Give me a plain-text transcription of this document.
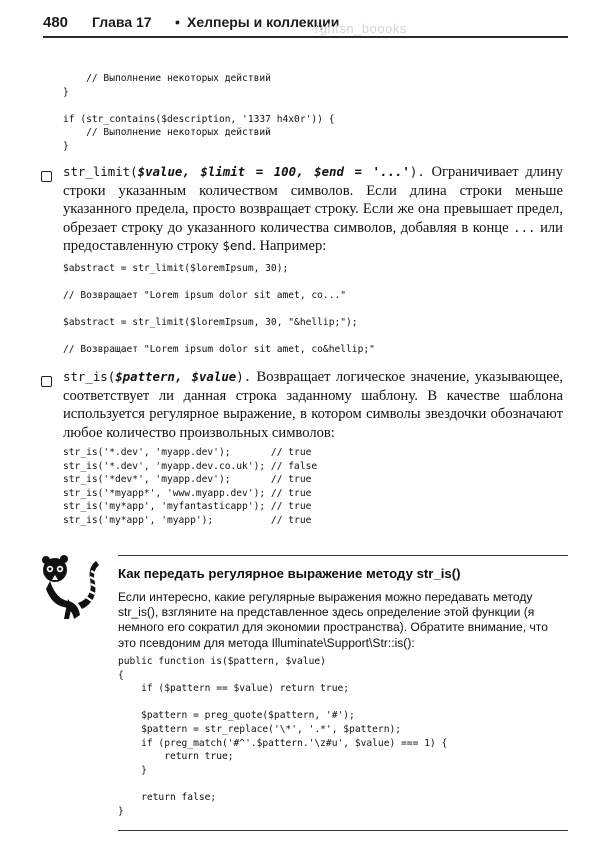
480 Глава 17 • Хелперы и коллекции
rghtsn_boooks
// Выполнение некоторых действий
}

if (str_contains($description, '1337 h4x0r')) {
// Выполнение некоторых действий
}

str_limit($value, $limit = 100, $end = '...'). Ограничивает длину строки указанным количеством символов. Если длина строки меньше указанного предела, просто возвращает строку. Если же она превышает предел, обрезает строку до указанного количества символов, добавляя в конце ... или предоставленную строку $end. Например:

$abstract = str_limit($loremIpsum, 30);
// Возвращает "Lorem ipsum dolor sit amet, co..."
$abstract = str_limit($loremIpsum, 30, "&hellip;");
// Возвращает "Lorem ipsum dolor sit amet, co&hellip;"

str_is($pattern, $value). Возвращает логическое значение, указывающее, соответствует ли данная строка заданному шаблону. В качестве шаблона используется регулярное выражение, в котором символы звездочки обозначают любое количество произвольных символов:

str_is('*.dev', 'myapp.dev');       // true
str_is('*.dev', 'myapp.dev.co.uk'); // false
str_is('*dev*', 'myapp.dev');       // true
str_is('*myapp*', 'www.myapp.dev'); // true
str_is('my*app', 'myfantasticapp'); // true
str_is('my*app', 'myapp');          // true
Как передать регулярное выражение методу str_is()

Если интересно, какие регулярные выражения можно передавать методу str_is(), взгляните на представленное здесь определение этой функции (я немного его сократил для экономии пространства). Обратите внимание, что это псевдоним для метода Illuminate\Support\Str::is():

public function is($pattern, $value)
{
if ($pattern == $value) return true;

$pattern = preg_quote($pattern, '#');
$pattern = str_replace('\*', '.*', $pattern);
if (preg_match('#^'.$pattern.'\z#u', $value) === 1) {
return true;
}

return false;
}
